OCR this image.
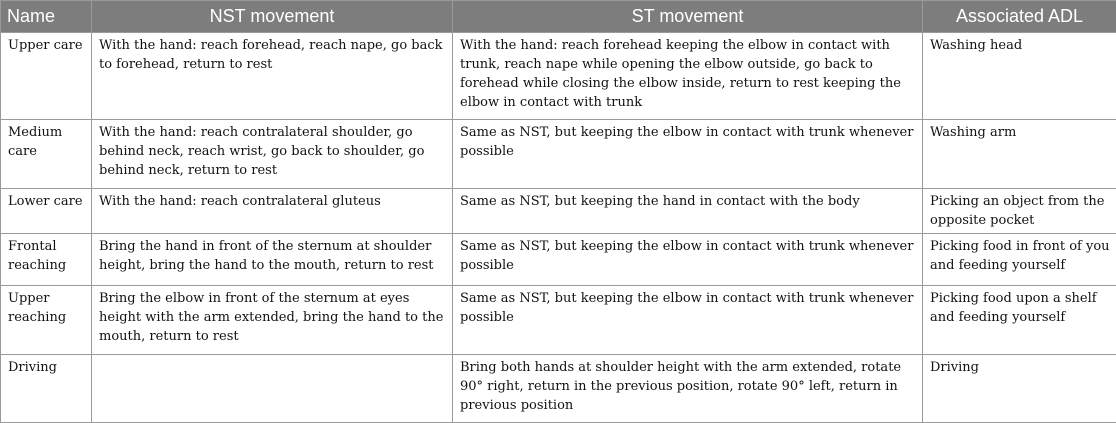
Name	NST movement	ST movement	Associated ADL
Upper care	With the hand: reach forehead, reach nape, go back to forehead, return to rest	With the hand: reach forehead keeping the elbow in contact with trunk, reach nape while opening the elbow outside, go back to forehead while closing the elbow inside, return to rest keeping the elbow in contact with trunk	Washing head
Medium care	With the hand: reach contralateral shoulder, go behind neck, reach wrist, go back to shoulder, go behind neck, return to rest	Same as NST, but keeping the elbow in contact with trunk whenever possible	Washing arm
Lower care	With the hand: reach contralateral gluteus	Same as NST, but keeping the hand in contact with the body	Picking an object from the opposite pocket
Frontal reaching	Bring the hand in front of the sternum at shoulder height, bring the hand to the mouth, return to rest	Same as NST, but keeping the elbow in contact with trunk whenever possible	Picking food in front of you and feeding yourself
Upper reaching	Bring the elbow in front of the sternum at eyes height with the arm extended, bring the hand to the mouth, return to rest	Same as NST, but keeping the elbow in contact with trunk whenever possible	Picking food upon a shelf and feeding yourself
Driving		Bring both hands at shoulder height with the arm extended, rotate 90° right, return in the previous position, rotate 90° left, return in previous position	Driving
